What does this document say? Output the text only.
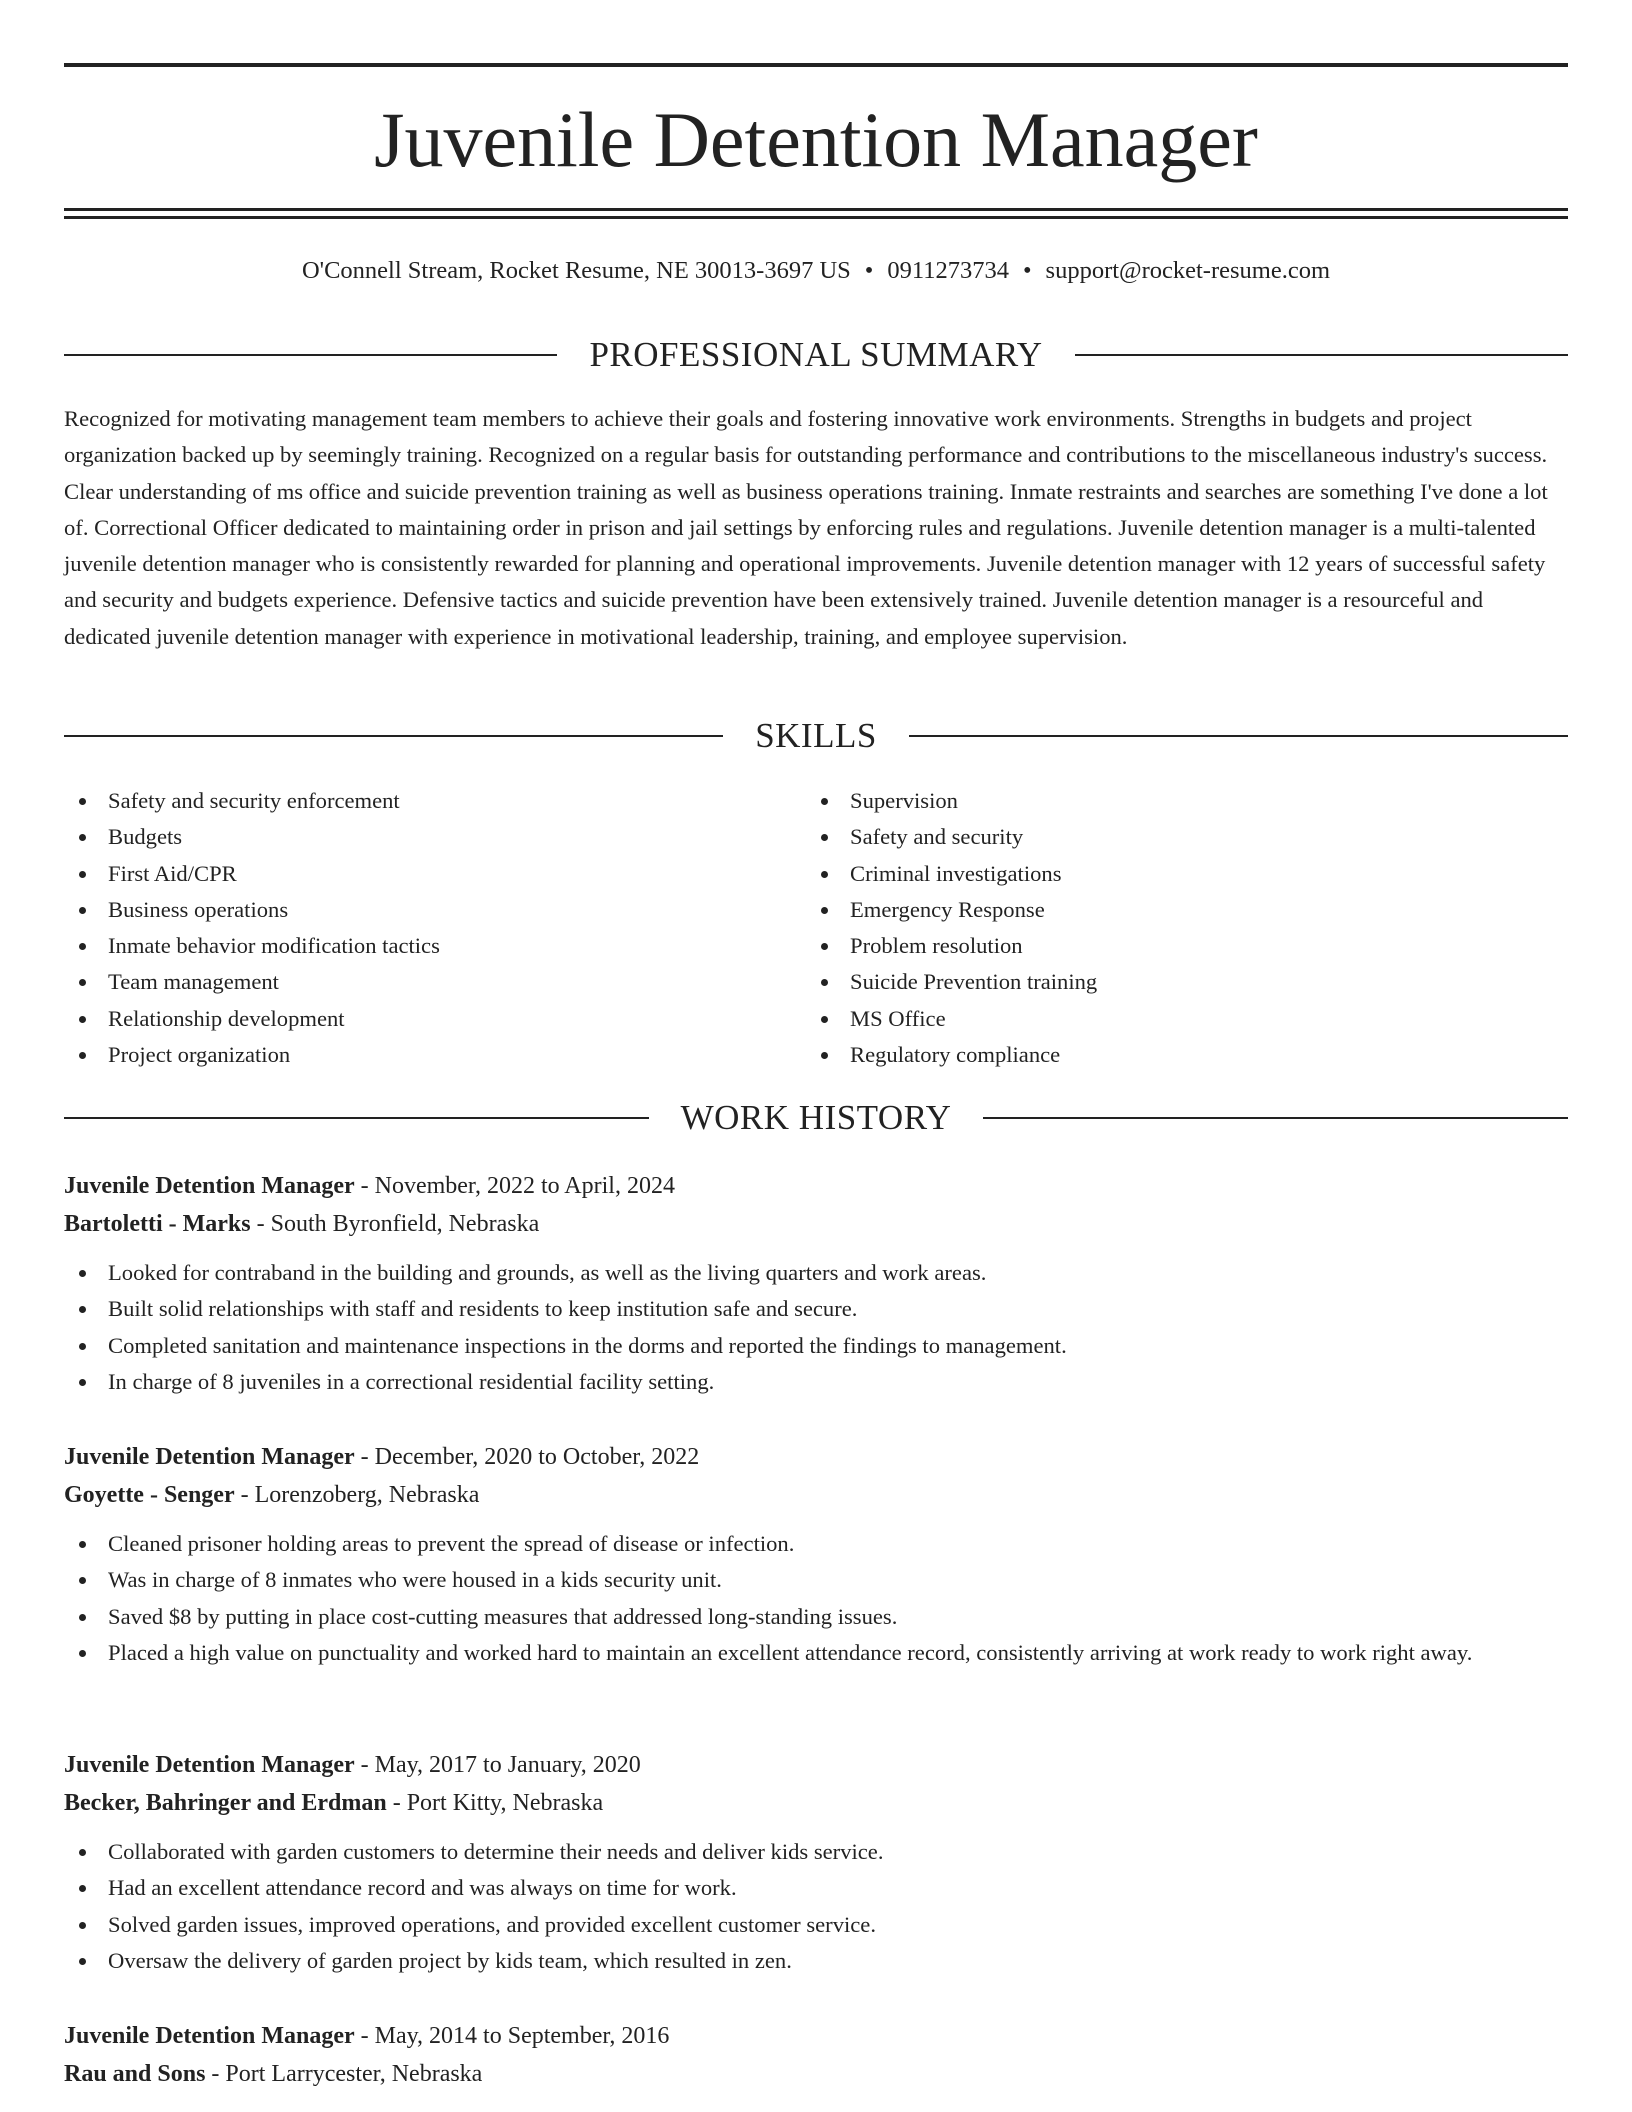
Juvenile Detention Manager
O'Connell Stream, Rocket Resume, NE 30013-3697 US • 0911273734 • support@rocket-resume.com
PROFESSIONAL SUMMARY

Recognized for motivating management team members to achieve their goals and fostering innovative work environments. Strengths in budgets and project organization backed up by seemingly training. Recognized on a regular basis for outstanding performance and contributions to the miscellaneous industry's success. Clear understanding of ms office and suicide prevention training as well as business operations training. Inmate restraints and searches are something I've done a lot of. Correctional Officer dedicated to maintaining order in prison and jail settings by enforcing rules and regulations. Juvenile detention manager is a multi-talented juvenile detention manager who is consistently rewarded for planning and operational improvements. Juvenile detention manager with 12 years of successful safety and security and budgets experience. Defensive tactics and suicide prevention have been extensively trained. Juvenile detention manager is a resourceful and dedicated juvenile detention manager with experience in motivational leadership, training, and employee supervision.

SKILLS
Safety and security enforcement
Budgets
First Aid/CPR
Business operations
Inmate behavior modification tactics
Team management
Relationship development
Project organization
Supervision
Safety and security
Criminal investigations
Emergency Response
Problem resolution
Suicide Prevention training
MS Office
Regulatory compliance
WORK HISTORY
Juvenile Detention Manager - November, 2022 to April, 2024
Bartoletti - Marks - South Byronfield, Nebraska
Looked for contraband in the building and grounds, as well as the living quarters and work areas.
Built solid relationships with staff and residents to keep institution safe and secure.
Completed sanitation and maintenance inspections in the dorms and reported the findings to management.
In charge of 8 juveniles in a correctional residential facility setting.
Juvenile Detention Manager - December, 2020 to October, 2022
Goyette - Senger - Lorenzoberg, Nebraska
Cleaned prisoner holding areas to prevent the spread of disease or infection.
Was in charge of 8 inmates who were housed in a kids security unit.
Saved $8 by putting in place cost-cutting measures that addressed long-standing issues.
Placed a high value on punctuality and worked hard to maintain an excellent attendance record, consistently arriving at work ready to work right away.
Juvenile Detention Manager - May, 2017 to January, 2020
Becker, Bahringer and Erdman - Port Kitty, Nebraska
Collaborated with garden customers to determine their needs and deliver kids service.
Had an excellent attendance record and was always on time for work.
Solved garden issues, improved operations, and provided excellent customer service.
Oversaw the delivery of garden project by kids team, which resulted in zen.
Juvenile Detention Manager - May, 2014 to September, 2016
Rau and Sons - Port Larrycester, Nebraska
